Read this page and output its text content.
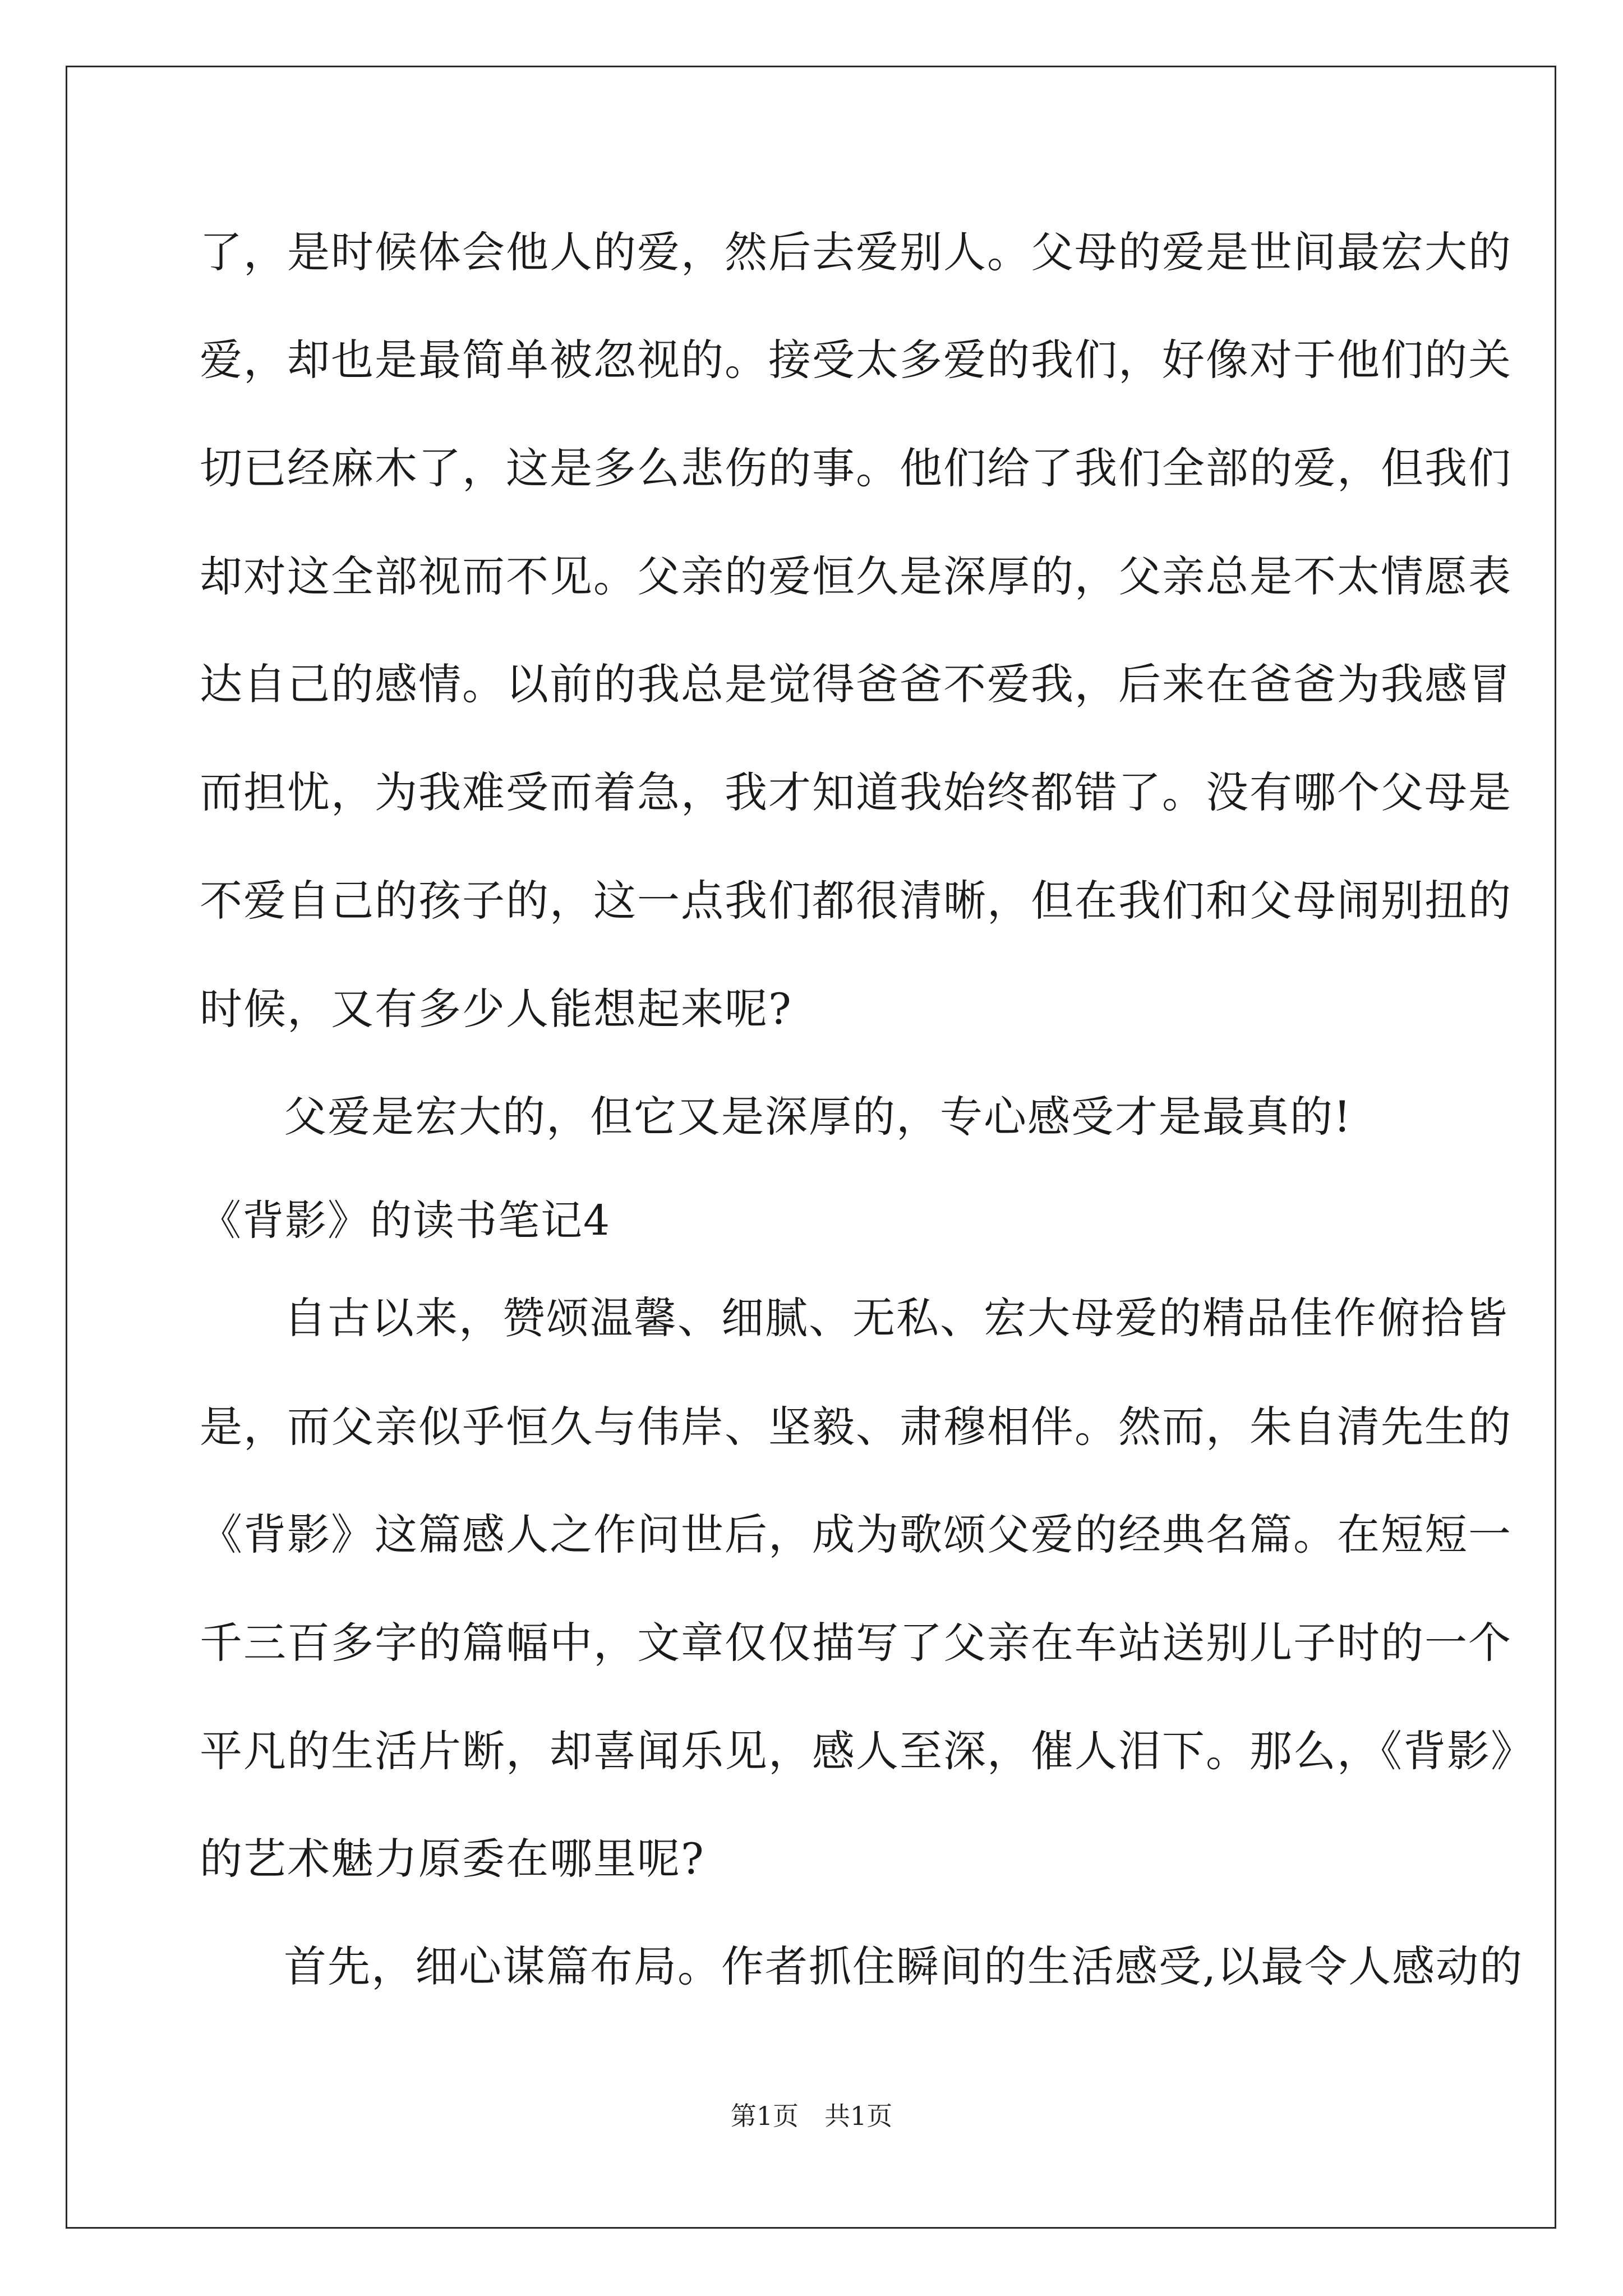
了，是时候体会他人的爱，然后去爱别人。父母的爱是世间最宏大的
爱，却也是最简单被忽视的。接受太多爱的我们，好像对于他们的关
切已经麻木了，这是多么悲伤的事。他们给了我们全部的爱，但我们
却对这全部视而不见。父亲的爱恒久是深厚的，父亲总是不太情愿表
达自己的感情。以前的我总是觉得爸爸不爱我，后来在爸爸为我感冒
而担忧，为我难受而着急，我才知道我始终都错了。没有哪个父母是
不爱自己的孩子的，这一点我们都很清晰，但在我们和父母闹别扭的
时候，又有多少人能想起来呢?
父爱是宏大的，但它又是深厚的，专心感受才是最真的!
《背影》的读书笔记4
自古以来，赞颂温馨、细腻、无私、宏大母爱的精品佳作俯拾皆
是，而父亲似乎恒久与伟岸、坚毅、肃穆相伴。然而，朱自清先生的
《背影》这篇感人之作问世后，成为歌颂父爱的经典名篇。在短短一
千三百多字的篇幅中，文章仅仅描写了父亲在车站送别儿子时的一个
平凡的生活片断，却喜闻乐见，感人至深，催人泪下。那么，《背影》
的艺术魅力原委在哪里呢?
首先，细心谋篇布局。作者抓住瞬间的生活感受,以最令人感动的
第1页　共1页
